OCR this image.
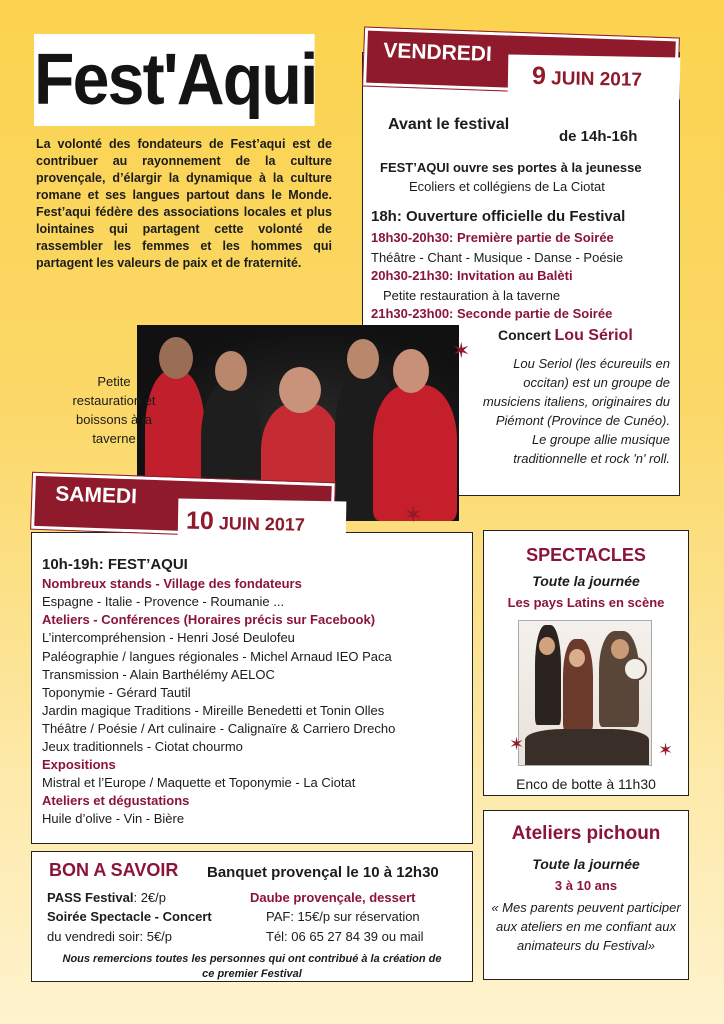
Fest'Aqui
La volonté des fondateurs de Fest’aqui est de contribuer au rayonnement de la culture provençale, d’élargir la dynamique à la culture romane et ses langues partout dans le Monde. Fest’aqui fédère des associations locales et plus lointaines qui partagent cette volonté de rassembler les femmes et les hommes qui partagent les valeurs de paix et de fraternité.
VENDREDI
9 JUIN 2017
Avant le festival
de 14h-16h
FEST’AQUI ouvre ses portes à la jeunesse
Ecoliers et collégiens de La Ciotat
18h: Ouverture officielle du Festival
18h30-20h30: Première partie de Soirée
Théâtre - Chant - Musique - Danse - Poésie
20h30-21h30: Invitation au Balèti
Petite restauration à la taverne
21h30-23h00: Seconde partie de Soirée
Concert Lou Sériol
Lou Seriol (les écureuils en occitan) est un groupe de musiciens italiens, originaires du Piémont (Province de Cunéo). Le groupe allie musique traditionnelle et rock 'n' roll.
Petite restauration et boissons à la taverne
✶
✶
SAMEDI
10 JUIN 2017
10h-19h: FEST’AQUI
Nombreux stands - Village des fondateurs
Espagne - Italie - Provence - Roumanie ...
Ateliers - Conférences (Horaires précis sur Facebook)
L’intercompréhension - Henri José Deulofeu
Paléographie / langues régionales - Michel Arnaud IEO Paca
Transmission - Alain Barthélémy AELOC
Toponymie - Gérard Tautil
Jardin magique Traditions - Mireille Benedetti et Tonin Olles
Théâtre / Poésie / Art culinaire - Calignaïre & Carriero Drecho
Jeux traditionnels - Ciotat chourmo
Expositions
Mistral et l’Europe / Maquette et Toponymie - La Ciotat
Ateliers et dégustations
Huile d’olive - Vin - Bière
SPECTACLES
Toute la journée
Les pays Latins en scène
Enco de botte à 11h30
✶	✶
Ateliers pichoun
Toute la journée
3 à 10 ans
« Mes parents peuvent participer aux ateliers en me confiant aux animateurs du Festival»
BON A SAVOIR Banquet provençal le 10 à 12h30
PASS Festival: 2€/p
Soirée Spectacle - Concert
du vendredi soir: 5€/p
Daube provençale, dessert
PAF: 15€/p sur réservation
Tél: 06 65 27 84 39 ou mail
Nous remercions toutes les personnes qui ont contribué à la création de ce premier Festival
